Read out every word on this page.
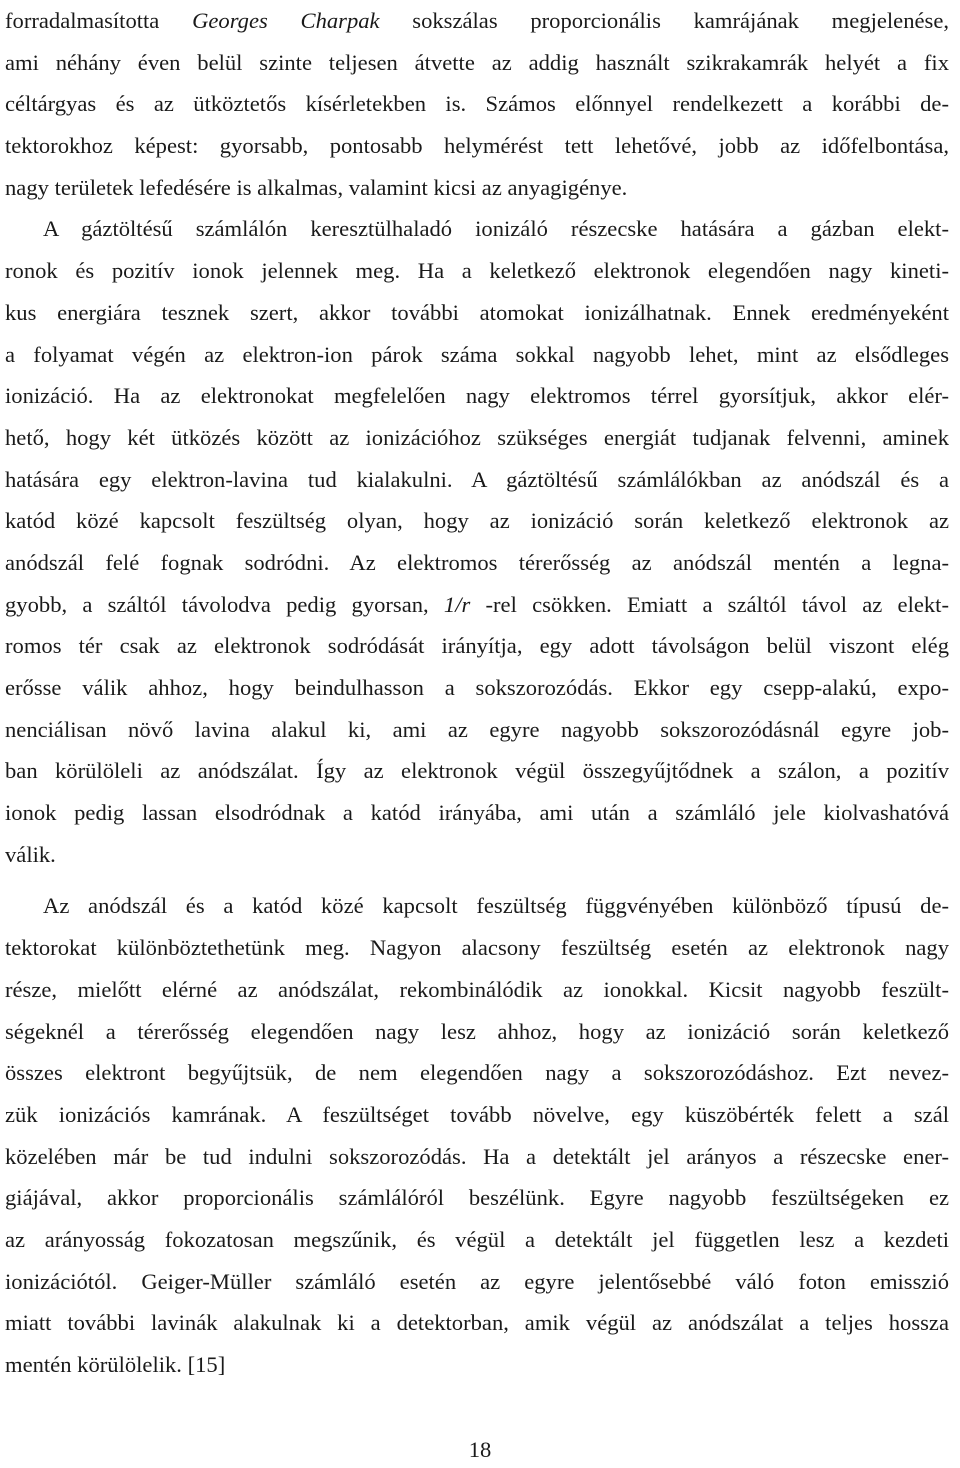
forradalmasította Georges Charpak sokszálas proporcionális kamrájának megjelenése,
ami néhány éven belül szinte teljesen átvette az addig használt szikrakamrák helyét a fix
céltárgyas és az ütköztetős kísérletekben is. Számos előnnyel rendelkezett a korábbi de-
tektorokhoz képest: gyorsabb, pontosabb helymérést tett lehetővé, jobb az időfelbontása,
nagy területek lefedésére is alkalmas, valamint kicsi az anyagigénye.
A gáztöltésű számlálón keresztülhaladó ionizáló részecske hatására a gázban elekt-
ronok és pozitív ionok jelennek meg. Ha a keletkező elektronok elegendően nagy kineti-
kus energiára tesznek szert, akkor további atomokat ionizálhatnak. Ennek eredményeként
a folyamat végén az elektron-ion párok száma sokkal nagyobb lehet, mint az elsődleges
ionizáció. Ha az elektronokat megfelelően nagy elektromos térrel gyorsítjuk, akkor elér-
hető, hogy két ütközés között az ionizációhoz szükséges energiát tudjanak felvenni, aminek
hatására egy elektron-lavina tud kialakulni. A gáztöltésű számlálókban az anódszál és a
katód közé kapcsolt feszültség olyan, hogy az ionizáció során keletkező elektronok az
anódszál felé fognak sodródni. Az elektromos térerősség az anódszál mentén a legna-
gyobb, a száltól távolodva pedig gyorsan, 1/r -rel csökken. Emiatt a száltól távol az elekt-
romos tér csak az elektronok sodródását irányítja, egy adott távolságon belül viszont elég
erősse válik ahhoz, hogy beindulhasson a sokszorozódás. Ekkor egy csepp-alakú, expo-
nenciálisan növő lavina alakul ki, ami az egyre nagyobb sokszorozódásnál egyre job-
ban körülöleli az anódszálat. Így az elektronok végül összegyűjtődnek a szálon, a pozitív
ionok pedig lassan elsodródnak a katód irányába, ami után a számláló jele kiolvashatóvá
válik.
Az anódszál és a katód közé kapcsolt feszültség függvényében különböző típusú de-
tektorokat különböztethetünk meg. Nagyon alacsony feszültség esetén az elektronok nagy
része, mielőtt elérné az anódszálat, rekombinálódik az ionokkal. Kicsit nagyobb feszült-
ségeknél a térerősség elegendően nagy lesz ahhoz, hogy az ionizáció során keletkező
összes elektront begyűjtsük, de nem elegendően nagy a sokszorozódáshoz. Ezt nevez-
zük ionizációs kamrának. A feszültséget tovább növelve, egy küszöbérték felett a szál
közelében már be tud indulni sokszorozódás. Ha a detektált jel arányos a részecske ener-
giájával, akkor proporcionális számlálóról beszélünk. Egyre nagyobb feszültségeken ez
az arányosság fokozatosan megszűnik, és végül a detektált jel független lesz a kezdeti
ionizációtól. Geiger-Müller számláló esetén az egyre jelentősebbé váló foton emisszió
miatt további lavinák alakulnak ki a detektorban, amik végül az anódszálat a teljes hossza
mentén körülölelik. [15]
18
